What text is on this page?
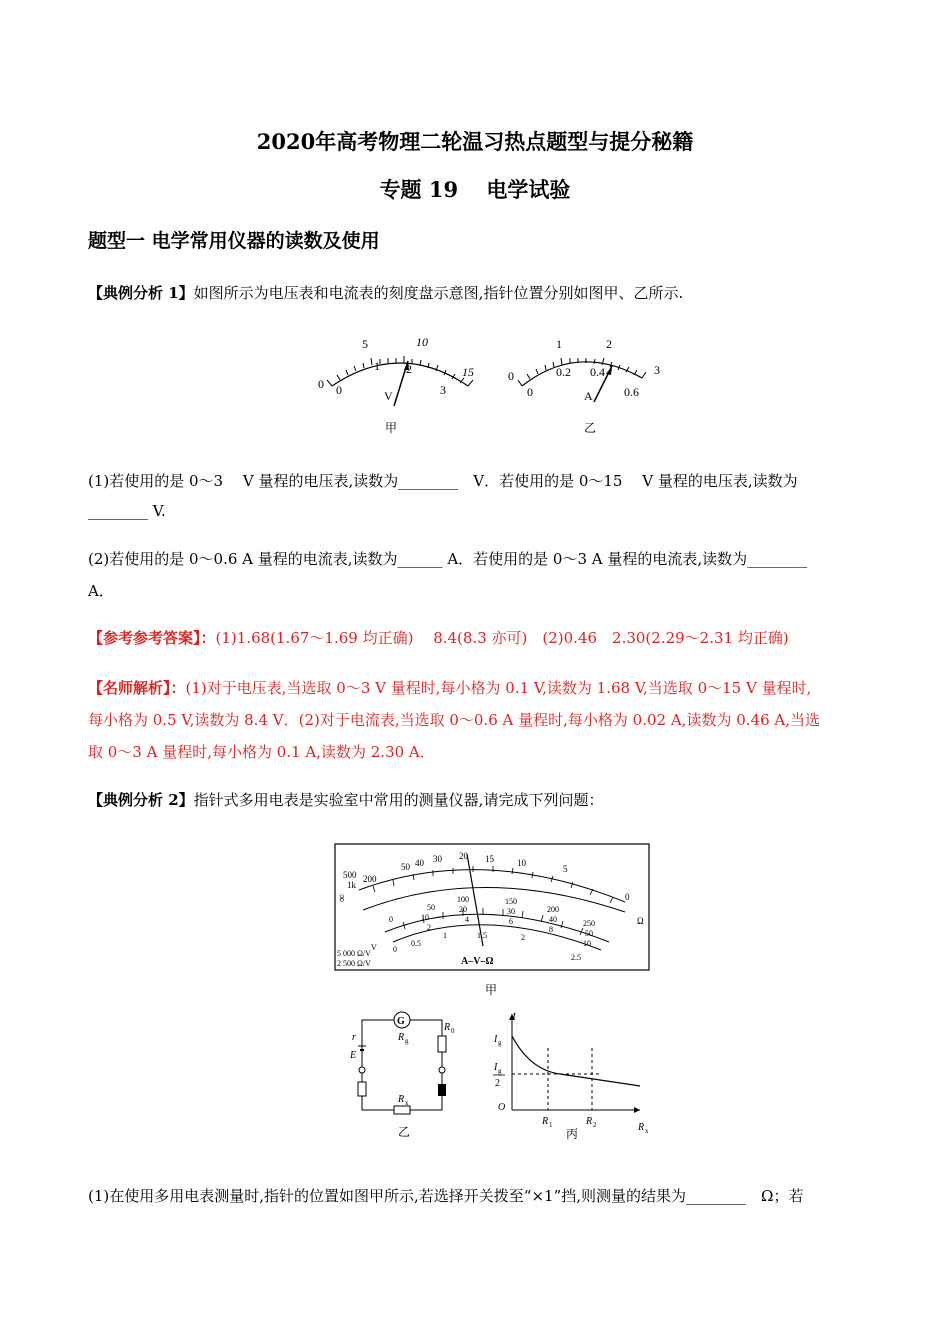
2020年高考物理二轮温习热点题型与提分秘籍
专题 19　 电学试验
题型一 电学常用仪器的读数及使用
【典例分析 1】如图所示为电压表和电流表的刻度盘示意图,指针位置分别如图甲、乙所示.
0
5	10
15
0
1 2
3
V
甲
0
1	2
3
0
0.2 0.4
0.6
A
乙
(1)若使用的是 0～3　 V 量程的电压表,读数为________　V．若使用的是 0～15　 V 量程的电压表,读数为
________ V.
(2)若使用的是 0～0.6 A 量程的电流表,读数为______ A．若使用的是 0～3 A 量程的电流表,读数为________
A．
【参考参考答案】：(1)1.68(1.67～1.69 均正确)　 8.4(8.3 亦可)　(2)0.46　2.30(2.29～2.31 均正确)
【名师解析】：(1)对于电压表,当选取 0～3 V 量程时,每小格为 0.1 V,读数为 1.68 V,当选取 0～15 V 量程时,
每小格为 0.5 V,读数为 8.4 V．(2)对于电流表,当选取 0～0.6 A 量程时,每小格为 0.02 A,读数为 0.46 A,当选
取 0～3 A 量程时,每小格为 0.1 A,读数为 2.30 A．
【典例分析 2】指针式多用电表是实验室中常用的测量仪器,请完成下列问题：
∞
500
1k
200
50 40 30 20 15	10
5
0
Ω
0
50
100	150
200
250
10
20	30
40
50
2
4	6
8
10
0
0.5
1	1.5	2
2.5
V
5 000 Ω/V
2 500 Ω/V	A–V–Ω
甲
G
R g
R 0
r
E
R x
乙
I
I g
I g
2
O
R 1	R 2	R x
丙
(1)在使用多用电表测量时,指针的位置如图甲所示,若选择开关拨至“×1”挡,则测量的结果为________　Ω；若
